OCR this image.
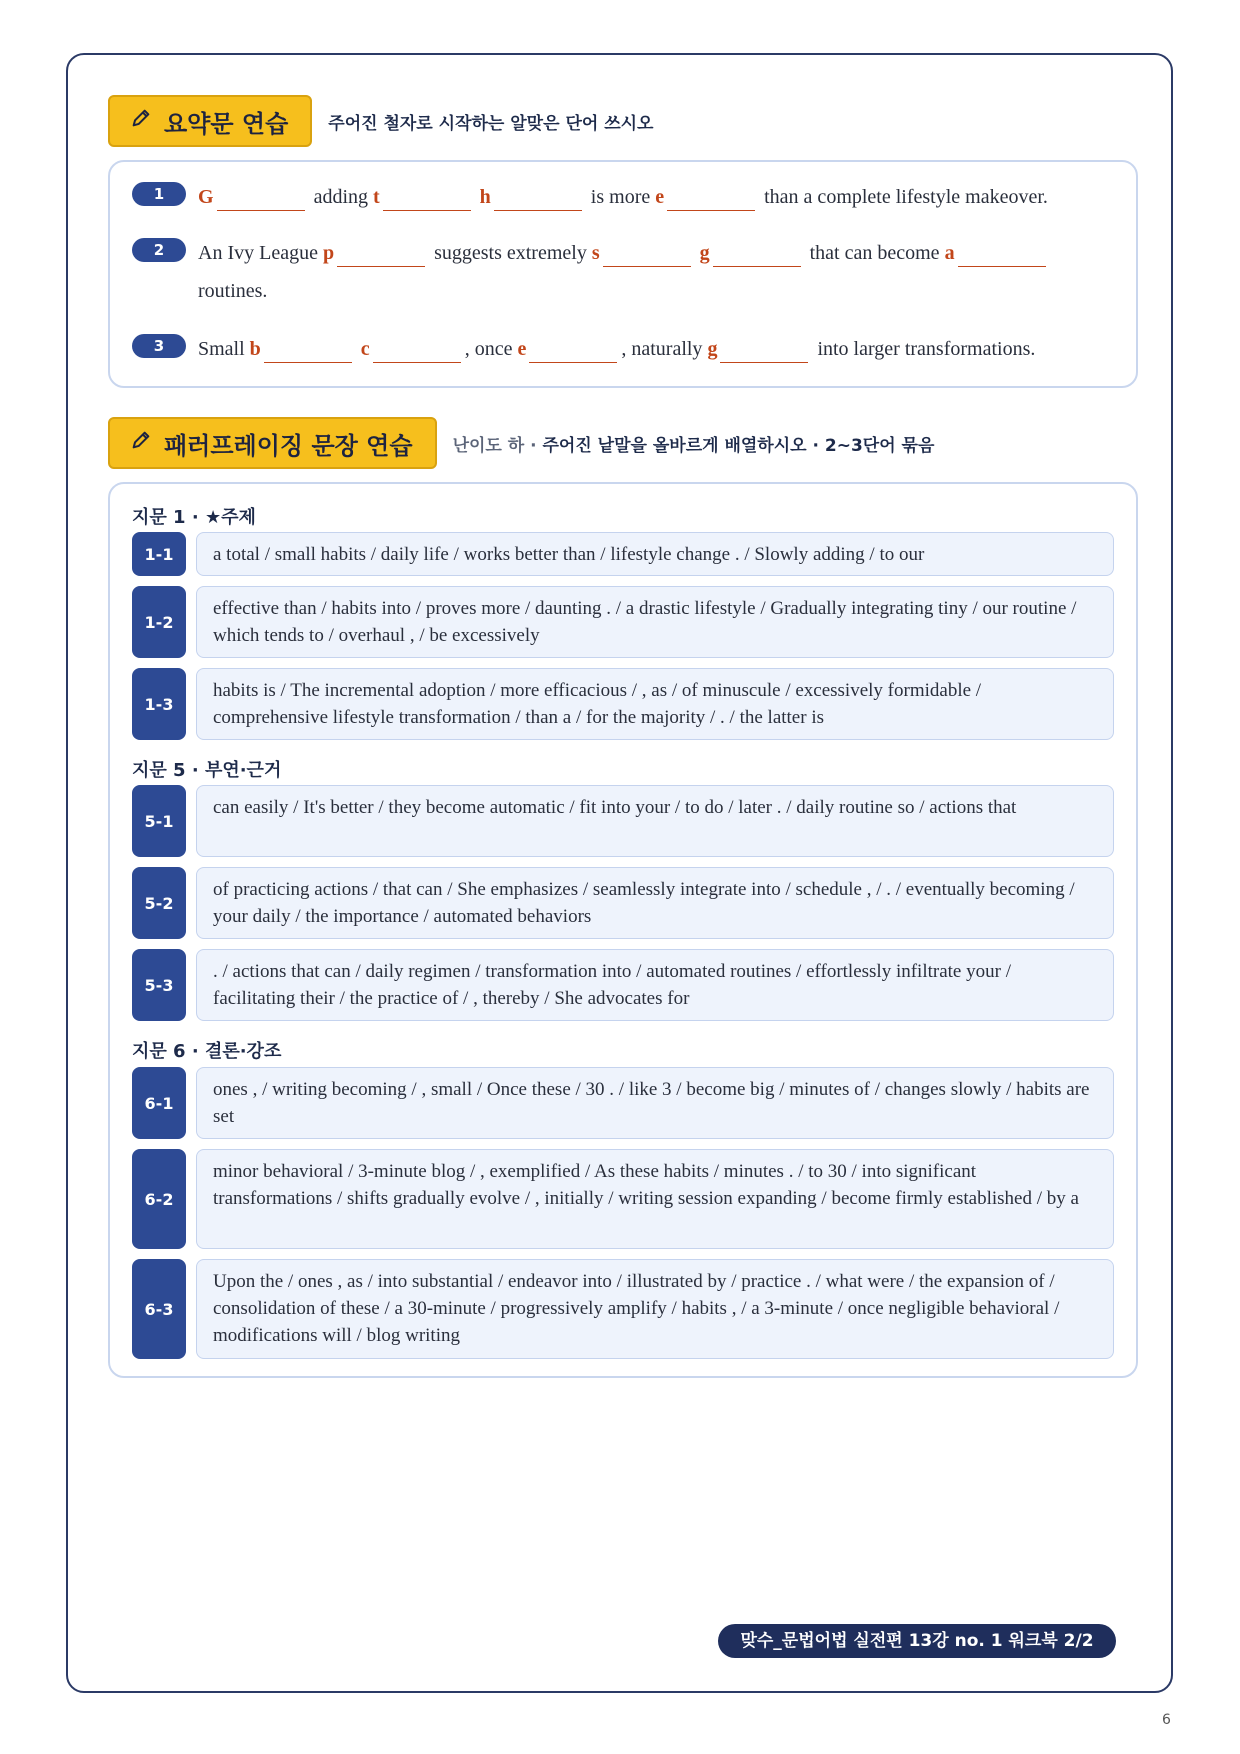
요약문 연습 주어진 철자로 시작하는 알맞은 단어 쓰시오
1	G	adding t	h	is more e	than a complete lifestyle makeover.
2	An Ivy League p	suggests extremely s	g	that can become a
routines.
3	Small b	c	, once e	, naturally g	into larger transformations.
패러프레이징 문장 연습 난이도 하 · 주어진 낱말을 올바르게 배열하시오 · 2~3단어 묶음
지문 1 · ★주제
1-1	a total / small habits / daily life / works better than / lifestyle change . / Slowly adding / to our
1-2
effective than / habits into / proves more / daunting . / a drastic lifestyle / Gradually integrating tiny / our routine / which tends to / overhaul , / be excessively
1-3
habits is / The incremental adoption / more efficacious / , as / of minuscule / excessively formidable / comprehensive lifestyle transformation / than a / for the majority / . / the latter is
지문 5 · 부연·근거
5-1
can easily / It's better / they become automatic / fit into your / to do / later . / daily routine so / actions that
5-2
of practicing actions / that can / She emphasizes / seamlessly integrate into / schedule , / . / eventually becoming / your daily / the importance / automated behaviors
5-3
. / actions that can / daily regimen / transformation into / automated routines / effortlessly infiltrate your / facilitating their / the practice of / , thereby / She advocates for
지문 6 · 결론·강조
6-1
ones , / writing becoming / , small / Once these / 30 . / like 3 / become big / minutes of / changes slowly / habits are set
6-2
minor behavioral / 3-minute blog / , exemplified / As these habits / minutes . / to 30 / into significant transformations / shifts gradually evolve / , initially / writing session expanding / become firmly established / by a
6-3
Upon the / ones , as / into substantial / endeavor into / illustrated by / practice . / what were / the expansion of / consolidation of these / a 30-minute / progressively amplify / habits , / a 3-minute / once negligible behavioral / modifications will / blog writing
맞수_문법어법 실전편 13강 no. 1 워크북 2/2
6
